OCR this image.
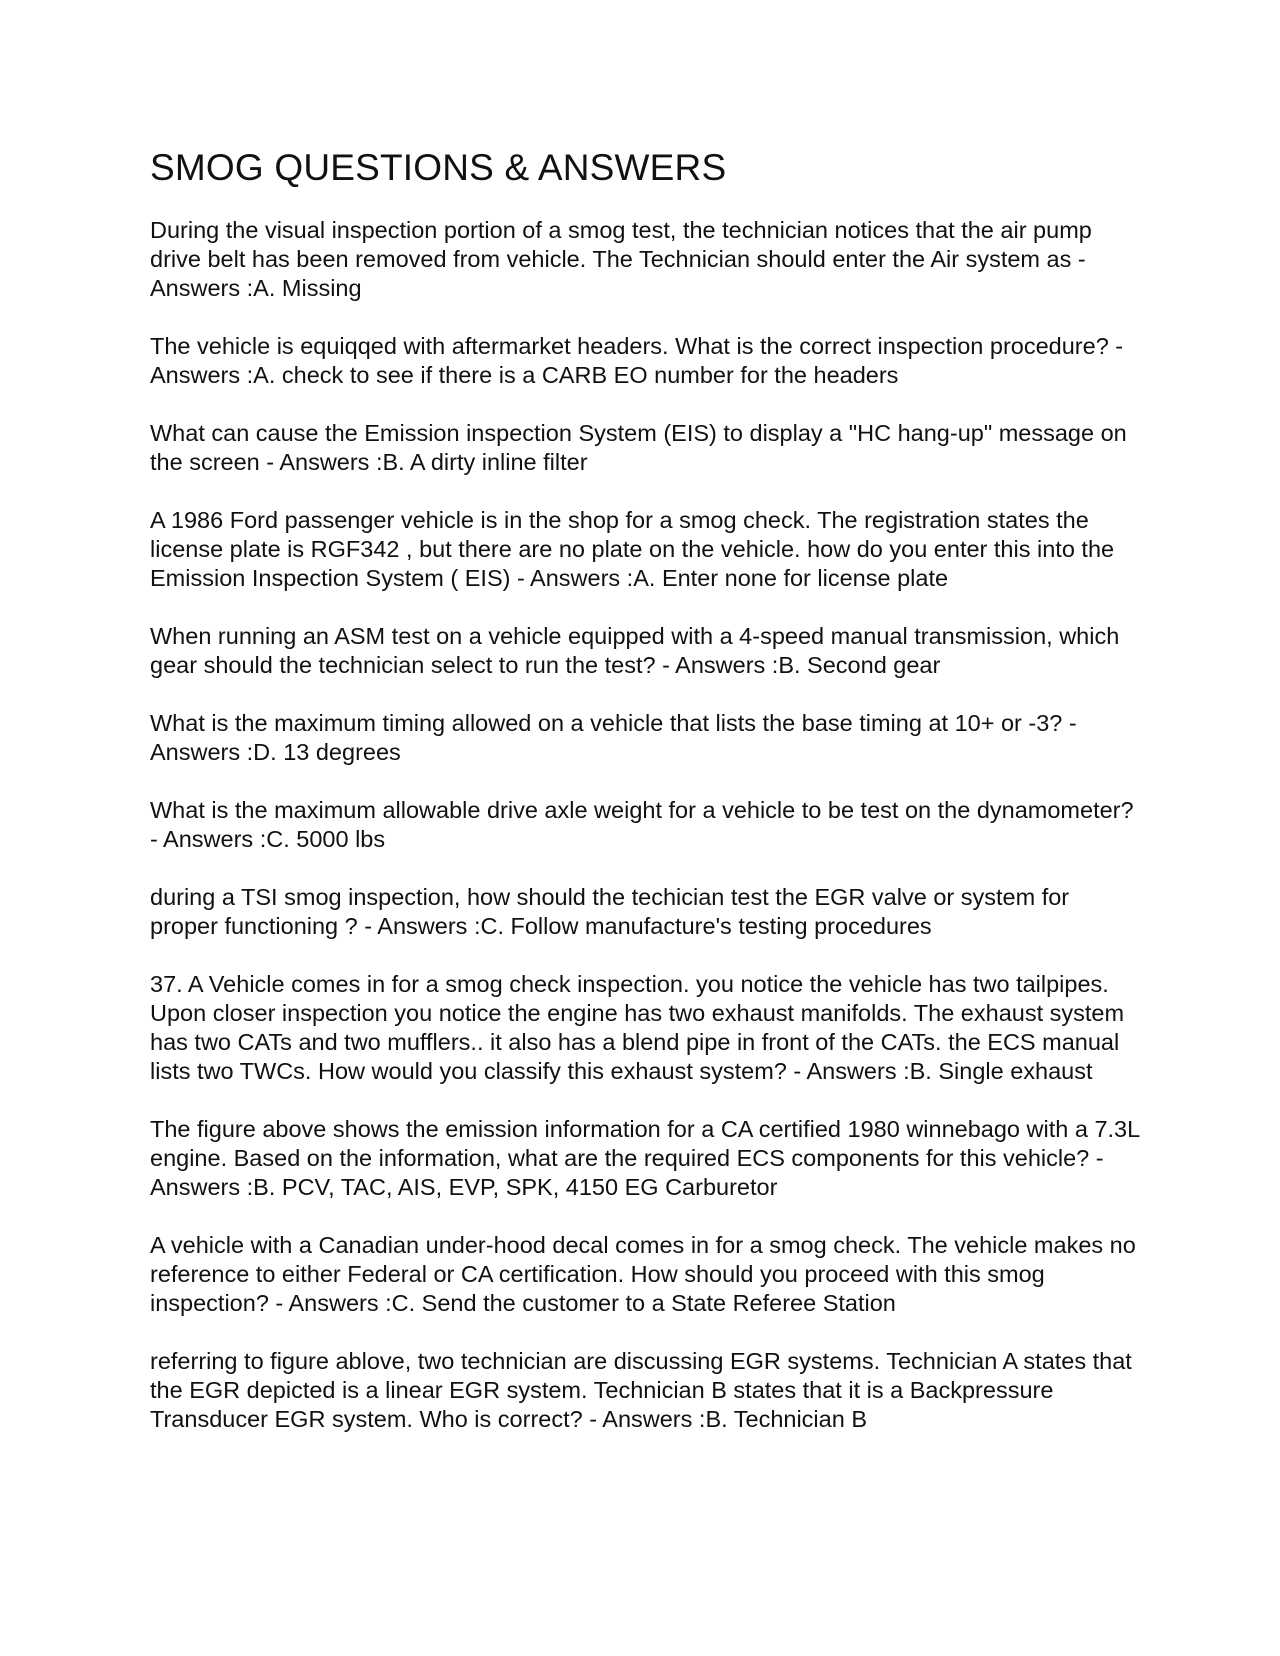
SMOG QUESTIONS & ANSWERS

During the visual inspection portion of a smog test, the technician notices that the air pump drive belt has been removed from vehicle. The Technician should enter the Air system as - Answers :A. Missing

The vehicle is equiqqed with aftermarket headers. What is the correct inspection procedure? - Answers :A. check to see if there is a CARB EO number for the headers

What can cause the Emission inspection System (EIS) to display a "HC hang-up" message on the screen - Answers :B. A dirty inline filter

A 1986 Ford passenger vehicle is in the shop for a smog check. The registration states the license plate is RGF342 , but there are no plate on the vehicle. how do you enter this into the Emission Inspection System ( EIS) - Answers :A. Enter none for license plate

When running an ASM test on a vehicle equipped with a 4-speed manual transmission, which gear should the technician select to run the test? - Answers :B. Second gear

What is the maximum timing allowed on a vehicle that lists the base timing at 10+ or -3? - Answers :D. 13 degrees

What is the maximum allowable drive axle weight for a vehicle to be test on the dynamometer? - Answers :C. 5000 lbs

during a TSI smog inspection, how should the techician test the EGR valve or system for proper functioning ? - Answers :C. Follow manufacture's testing procedures

37. A Vehicle comes in for a smog check inspection. you notice the vehicle has two tailpipes. Upon closer inspection you notice the engine has two exhaust manifolds. The exhaust system has two CATs and two mufflers.. it also has a blend pipe in front of the CATs. the ECS manual lists two TWCs. How would you classify this exhaust system? - Answers :B. Single exhaust

The figure above shows the emission information for a CA certified 1980 winnebago with a 7.3L engine. Based on the information, what are the required ECS components for this vehicle? - Answers :B. PCV, TAC, AIS, EVP, SPK, 4150 EG Carburetor

A vehicle with a Canadian under-hood decal comes in for a smog check. The vehicle makes no reference to either Federal or CA certification. How should you proceed with this smog inspection? - Answers :C. Send the customer to a State Referee Station

referring to figure ablove, two technician are discussing EGR systems. Technician A states that the EGR depicted is a linear EGR system. Technician B states that it is a Backpressure Transducer EGR system. Who is correct? - Answers :B. Technician B
